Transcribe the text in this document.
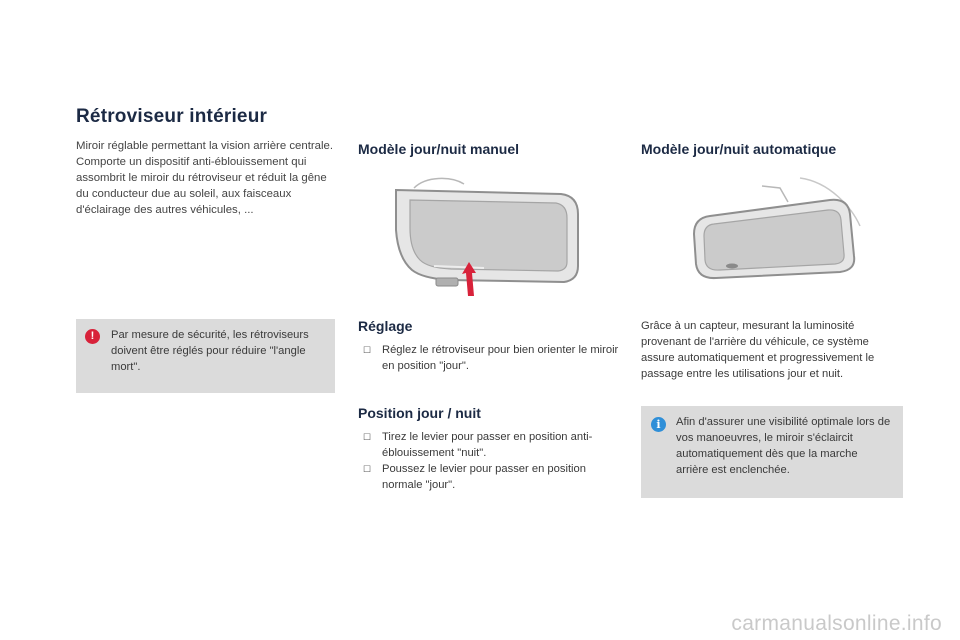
Rétroviseur intérieur

Miroir réglable permettant la vision arrière centrale.

Comporte un dispositif anti-éblouissement qui assombrit le miroir du rétroviseur et réduit la gêne du conducteur due au soleil, aux faisceaux d'éclairage des autres véhicules, ...

!	Par mesure de sécurité, les rétroviseurs doivent être réglés pour réduire "l'angle mort".
Modèle jour/nuit manuel
Réglage
☐ Réglez le rétroviseur pour bien orienter le miroir en position "jour".
Position jour / nuit
☐ Tirez le levier pour passer en position anti-éblouissement "nuit".
☐ Poussez le levier pour passer en position normale "jour".
Modèle jour/nuit automatique

Grâce à un capteur, mesurant la luminosité provenant de l'arrière du véhicule, ce système assure automatiquement et progressivement le passage entre les utilisations jour et nuit.

i	Afin d'assurer une visibilité optimale lors de vos manoeuvres, le miroir s'éclaircit automatiquement dès que la marche arrière est enclenchée.
carmanualsonline.info
